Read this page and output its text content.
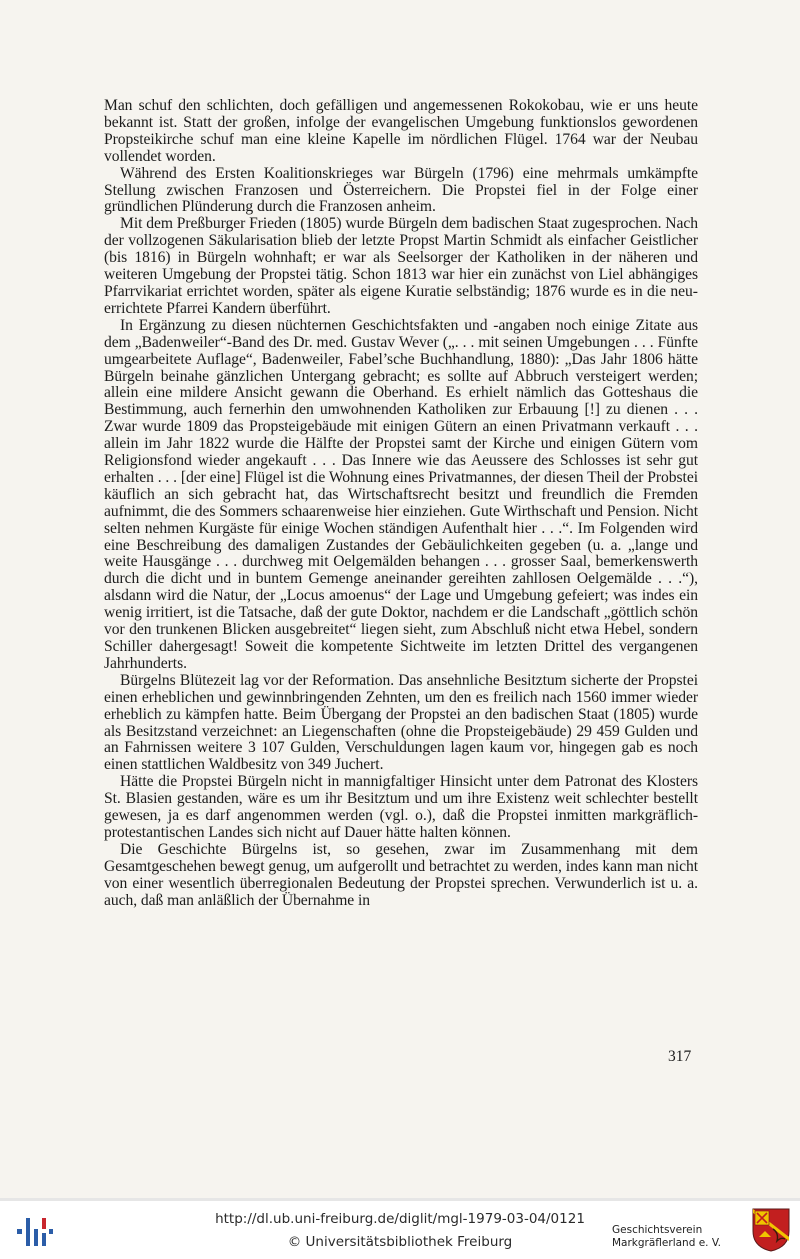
Man schuf den schlichten, doch gefälligen und angemessenen Rokokobau, wie er uns heute bekannt ist. Statt der großen, infolge der evangelischen Umgebung funktionslos gewordenen Propsteikirche schuf man eine kleine Kapelle im nördlichen Flügel. 1764 war der Neubau vollendet worden.

Während des Ersten Koalitionskrieges war Bürgeln (1796) eine mehrmals umkämpfte Stellung zwischen Franzosen und Österreichern. Die Propstei fiel in der Folge einer gründlichen Plünderung durch die Franzosen anheim.

Mit dem Preßburger Frieden (1805) wurde Bürgeln dem badischen Staat zugesprochen. Nach der vollzogenen Säkularisation blieb der letzte Propst Martin Schmidt als einfacher Geistlicher (bis 1816) in Bürgeln wohnhaft; er war als Seelsorger der Katholiken in der näheren und weiteren Umgebung der Propstei tätig. Schon 1813 war hier ein zunächst von Liel abhängiges Pfarrvikariat errichtet worden, später als eigene Kuratie selbständig; 1876 wurde es in die neuerrichtete Pfarrei Kandern überführt.

In Ergänzung zu diesen nüchternen Geschichtsfakten und -angaben noch einige Zitate aus dem „Badenweiler“-Band des Dr. med. Gustav Wever („. . . mit seinen Umgebungen . . . Fünfte umgearbeitete Auflage“, Badenweiler, Fabel’sche Buchhandlung, 1880): „Das Jahr 1806 hätte Bürgeln beinahe gänzlichen Untergang gebracht; es sollte auf Abbruch versteigert werden; allein eine mildere Ansicht gewann die Oberhand. Es erhielt nämlich das Gotteshaus die Bestimmung, auch fernerhin den umwohnenden Katholiken zur Erbauung [!] zu dienen . . . Zwar wurde 1809 das Propsteigebäude mit einigen Gütern an einen Privatmann verkauft . . . allein im Jahr 1822 wurde die Hälfte der Propstei samt der Kirche und einigen Gütern vom Religionsfond wieder angekauft . . . Das Innere wie das Aeussere des Schlosses ist sehr gut erhalten . . . [der eine] Flügel ist die Wohnung eines Privatmannes, der diesen Theil der Probstei käuflich an sich gebracht hat, das Wirtschaftsrecht besitzt und freundlich die Fremden aufnimmt, die des Sommers schaarenweise hier einziehen. Gute Wirthschaft und Pension. Nicht selten nehmen Kurgäste für einige Wochen ständigen Aufenthalt hier . . .“. Im Folgenden wird eine Beschreibung des damaligen Zustandes der Gebäulichkeiten gegeben (u. a. „lange und weite Hausgänge . . . durchweg mit Oelgemälden behangen . . . grosser Saal, bemerkenswerth durch die dicht und in buntem Gemenge aneinander gereihten zahllosen Oelgemälde . . .“), alsdann wird die Natur, der „Locus amoenus“ der Lage und Umgebung gefeiert; was indes ein wenig irritiert, ist die Tatsache, daß der gute Doktor, nachdem er die Landschaft „göttlich schön vor den trunkenen Blicken ausgebreitet“ liegen sieht, zum Abschluß nicht etwa Hebel, sondern Schiller dahergesagt! Soweit die kompetente Sichtweite im letzten Drittel des vergangenen Jahrhunderts.

Bürgelns Blütezeit lag vor der Reformation. Das ansehnliche Besitztum sicherte der Propstei einen erheblichen und gewinnbringenden Zehnten, um den es freilich nach 1560 immer wieder erheblich zu kämpfen hatte. Beim Übergang der Propstei an den badischen Staat (1805) wurde als Besitzstand verzeichnet: an Liegenschaften (ohne die Propsteigebäude) 29 459 Gulden und an Fahrnissen weitere 3 107 Gulden, Verschuldungen lagen kaum vor, hingegen gab es noch einen stattlichen Waldbesitz von 349 Juchert.

Hätte die Propstei Bürgeln nicht in mannigfaltiger Hinsicht unter dem Patronat des Klosters St. Blasien gestanden, wäre es um ihr Besitztum und um ihre Existenz weit schlechter bestellt gewesen, ja es darf angenommen werden (vgl. o.), daß die Propstei inmitten markgräflich-protestantischen Landes sich nicht auf Dauer hätte halten können.

Die Geschichte Bürgelns ist, so gesehen, zwar im Zusammenhang mit dem Gesamtgeschehen bewegt genug, um aufgerollt und betrachtet zu werden, indes kann man nicht von einer wesentlich überregionalen Bedeutung der Propstei sprechen. Verwunderlich ist u. a. auch, daß man anläßlich der Übernahme in

317

http://dl.ub.uni-freiburg.de/diglit/mgl-1979-03-04/0121
© Universitätsbibliothek Freiburg
Geschichtsverein
Markgräflerland e. V.
